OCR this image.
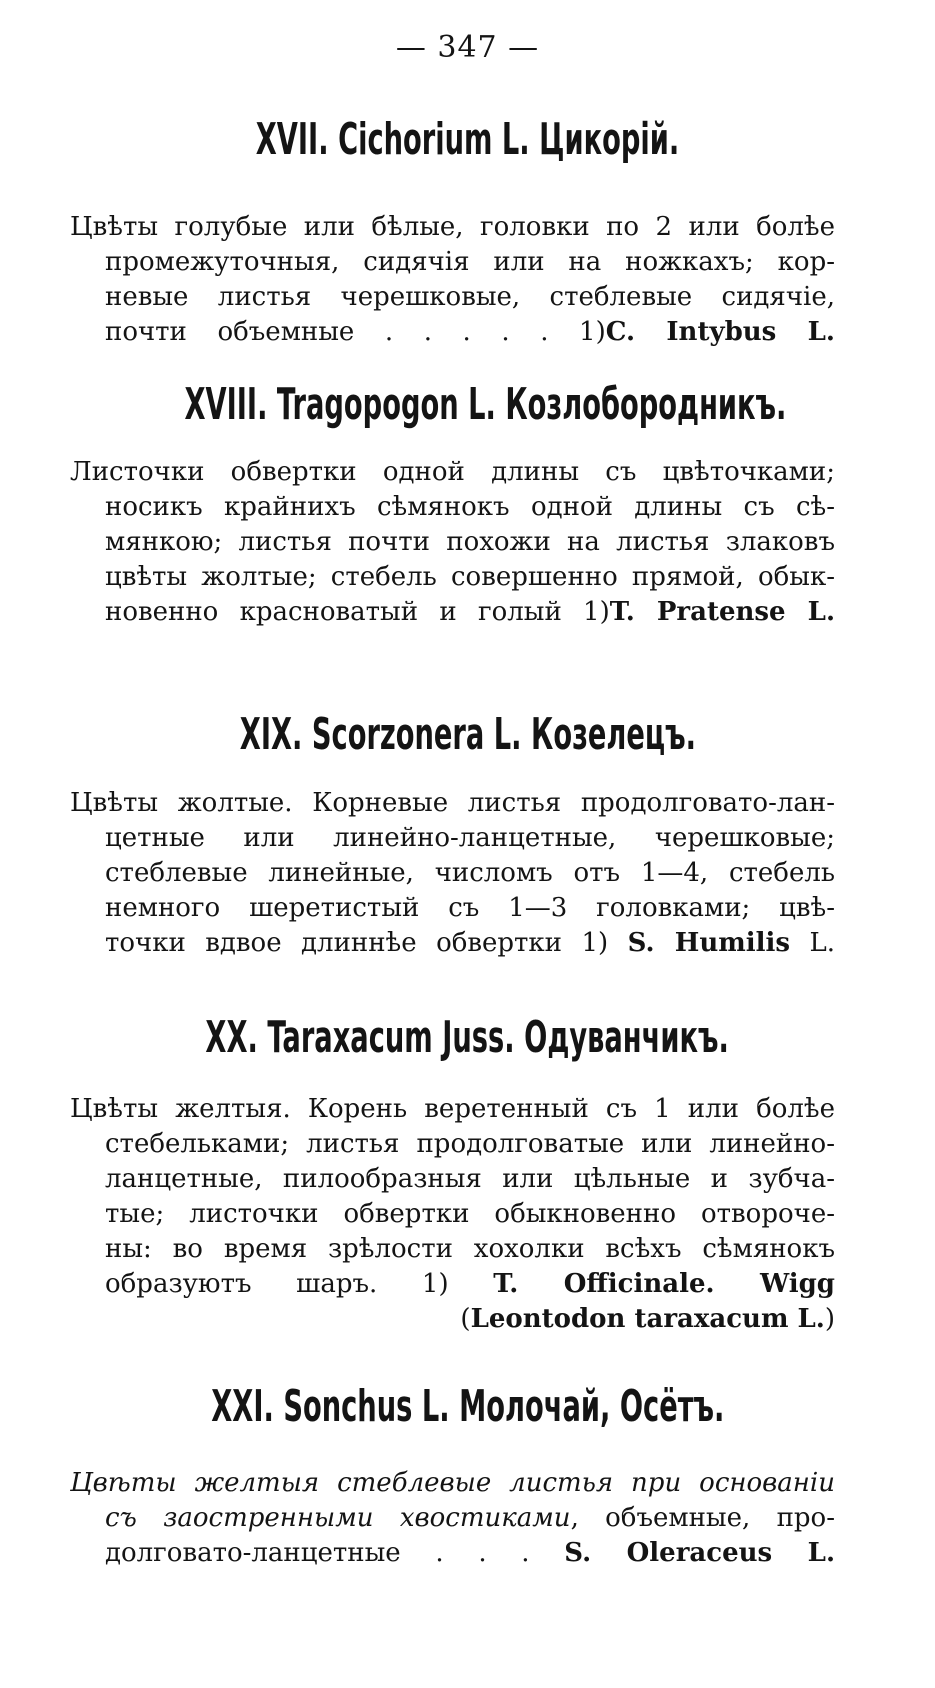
— 347 —
XVII. Cichorium L. Цикорій.
Цвѣты голубые или бѣлые, головки по 2 или болѣе
промежуточныя, сидячія или на ножкахъ; кор-
невые листья черешковые, стеблевые сидячіе,
почти объемные . . . . . 1)C. Intybus L.
XVIII. Tragopogon L. Козлобородникъ.
Листочки обвертки одной длины съ цвѣточками;
носикъ крайнихъ сѣмянокъ одной длины съ сѣ-
мянкою; листья почти похожи на листья злаковъ
цвѣты жолтые; стебель совершенно прямой, обык-
новенно красноватый и голый 1)T. Pratense L.
XIX. Scorzonera L. Козелецъ.
Цвѣты жолтые. Корневые листья продолговато-лан-
цетные или линейно-ланцетные, черешковые;
стеблевые линейные, числомъ отъ 1—4, стебель
немного шеретистый съ 1—3 головками; цвѣ-
точки вдвое длиннѣе обвертки 1) S. Humilis L.
XX. Taraxacum Juss. Одуванчикъ.
Цвѣты желтыя. Корень веретенный съ 1 или болѣе
стебельками; листья продолговатые или линейно-
ланцетные, пилообразныя или цѣльные и зубча-
тые; листочки обвертки обыкновенно отвороче-
ны: во время зрѣлости хохолки всѣхъ сѣмянокъ
образуютъ шаръ. 1) T. Officinale. Wigg
(Leontodon taraxacum L.)
XXI. Sonchus L. Молочай, Осётъ.
Цвѣты желтыя стеблевые листья при основаніи
съ заостренными хвостиками, объемные, про-
долговато-ланцетные . . . S. Oleraceus L.
